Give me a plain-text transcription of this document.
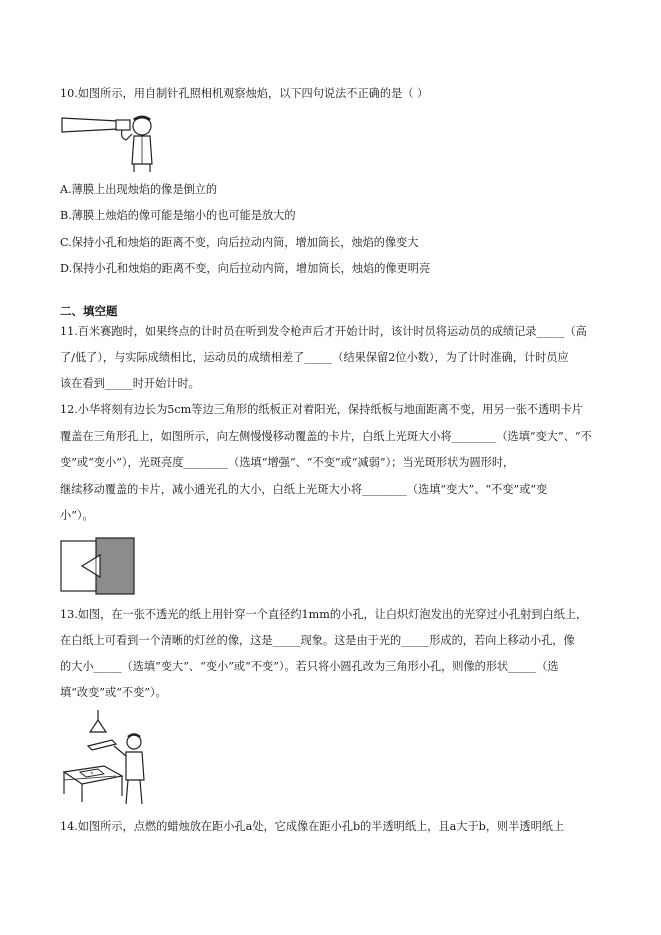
10.如图所示，用自制针孔照相机观察烛焰，以下四句说法不正确的是（ ）
A.薄膜上出现烛焰的像是倒立的
B.薄膜上烛焰的像可能是缩小的也可能是放大的
C.保持小孔和烛焰的距离不变，向后拉动内筒，增加筒长，烛焰的像变大
D.保持小孔和烛焰的距离不变，向后拉动内筒，增加筒长，烛焰的像更明亮
二、填空题
11.百米赛跑时，如果终点的计时员在听到发令枪声后才开始计时，该计时员将运动员的成绩记录_____（高
了/低了），与实际成绩相比，运动员的成绩相差了_____（结果保留2位小数），为了计时准确，计时员应
该在看到_____时开始计时。
12.小华将刻有边长为5cm等边三角形的纸板正对着阳光，保持纸板与地面距离不变，用另一张不透明卡片
覆盖在三角形孔上，如图所示，向左侧慢慢移动覆盖的卡片，白纸上光斑大小将________（选填“变大”、“不
变”或“变小”），光斑亮度________（选填“增强”、“不变”或“减弱”）；当光斑形状为圆形时，
继续移动覆盖的卡片，减小通光孔的大小，白纸上光斑大小将________（选填“变大”、“不变”或“变
小”）。
13.如图，在一张不透光的纸上用针穿一个直径约1mm的小孔，让白炽灯泡发出的光穿过小孔射到白纸上，
在白纸上可看到一个清晰的灯丝的像，这是_____现象。这是由于光的_____形成的，若向上移动小孔，像
的大小_____（选填“变大”、“变小”或“不变”）。若只将小圆孔改为三角形小孔，则像的形状_____（选
填“改变”或“不变”）。
14.如图所示，点燃的蜡烛放在距小孔a处，它成像在距小孔b的半透明纸上，且a大于b，则半透明纸上
